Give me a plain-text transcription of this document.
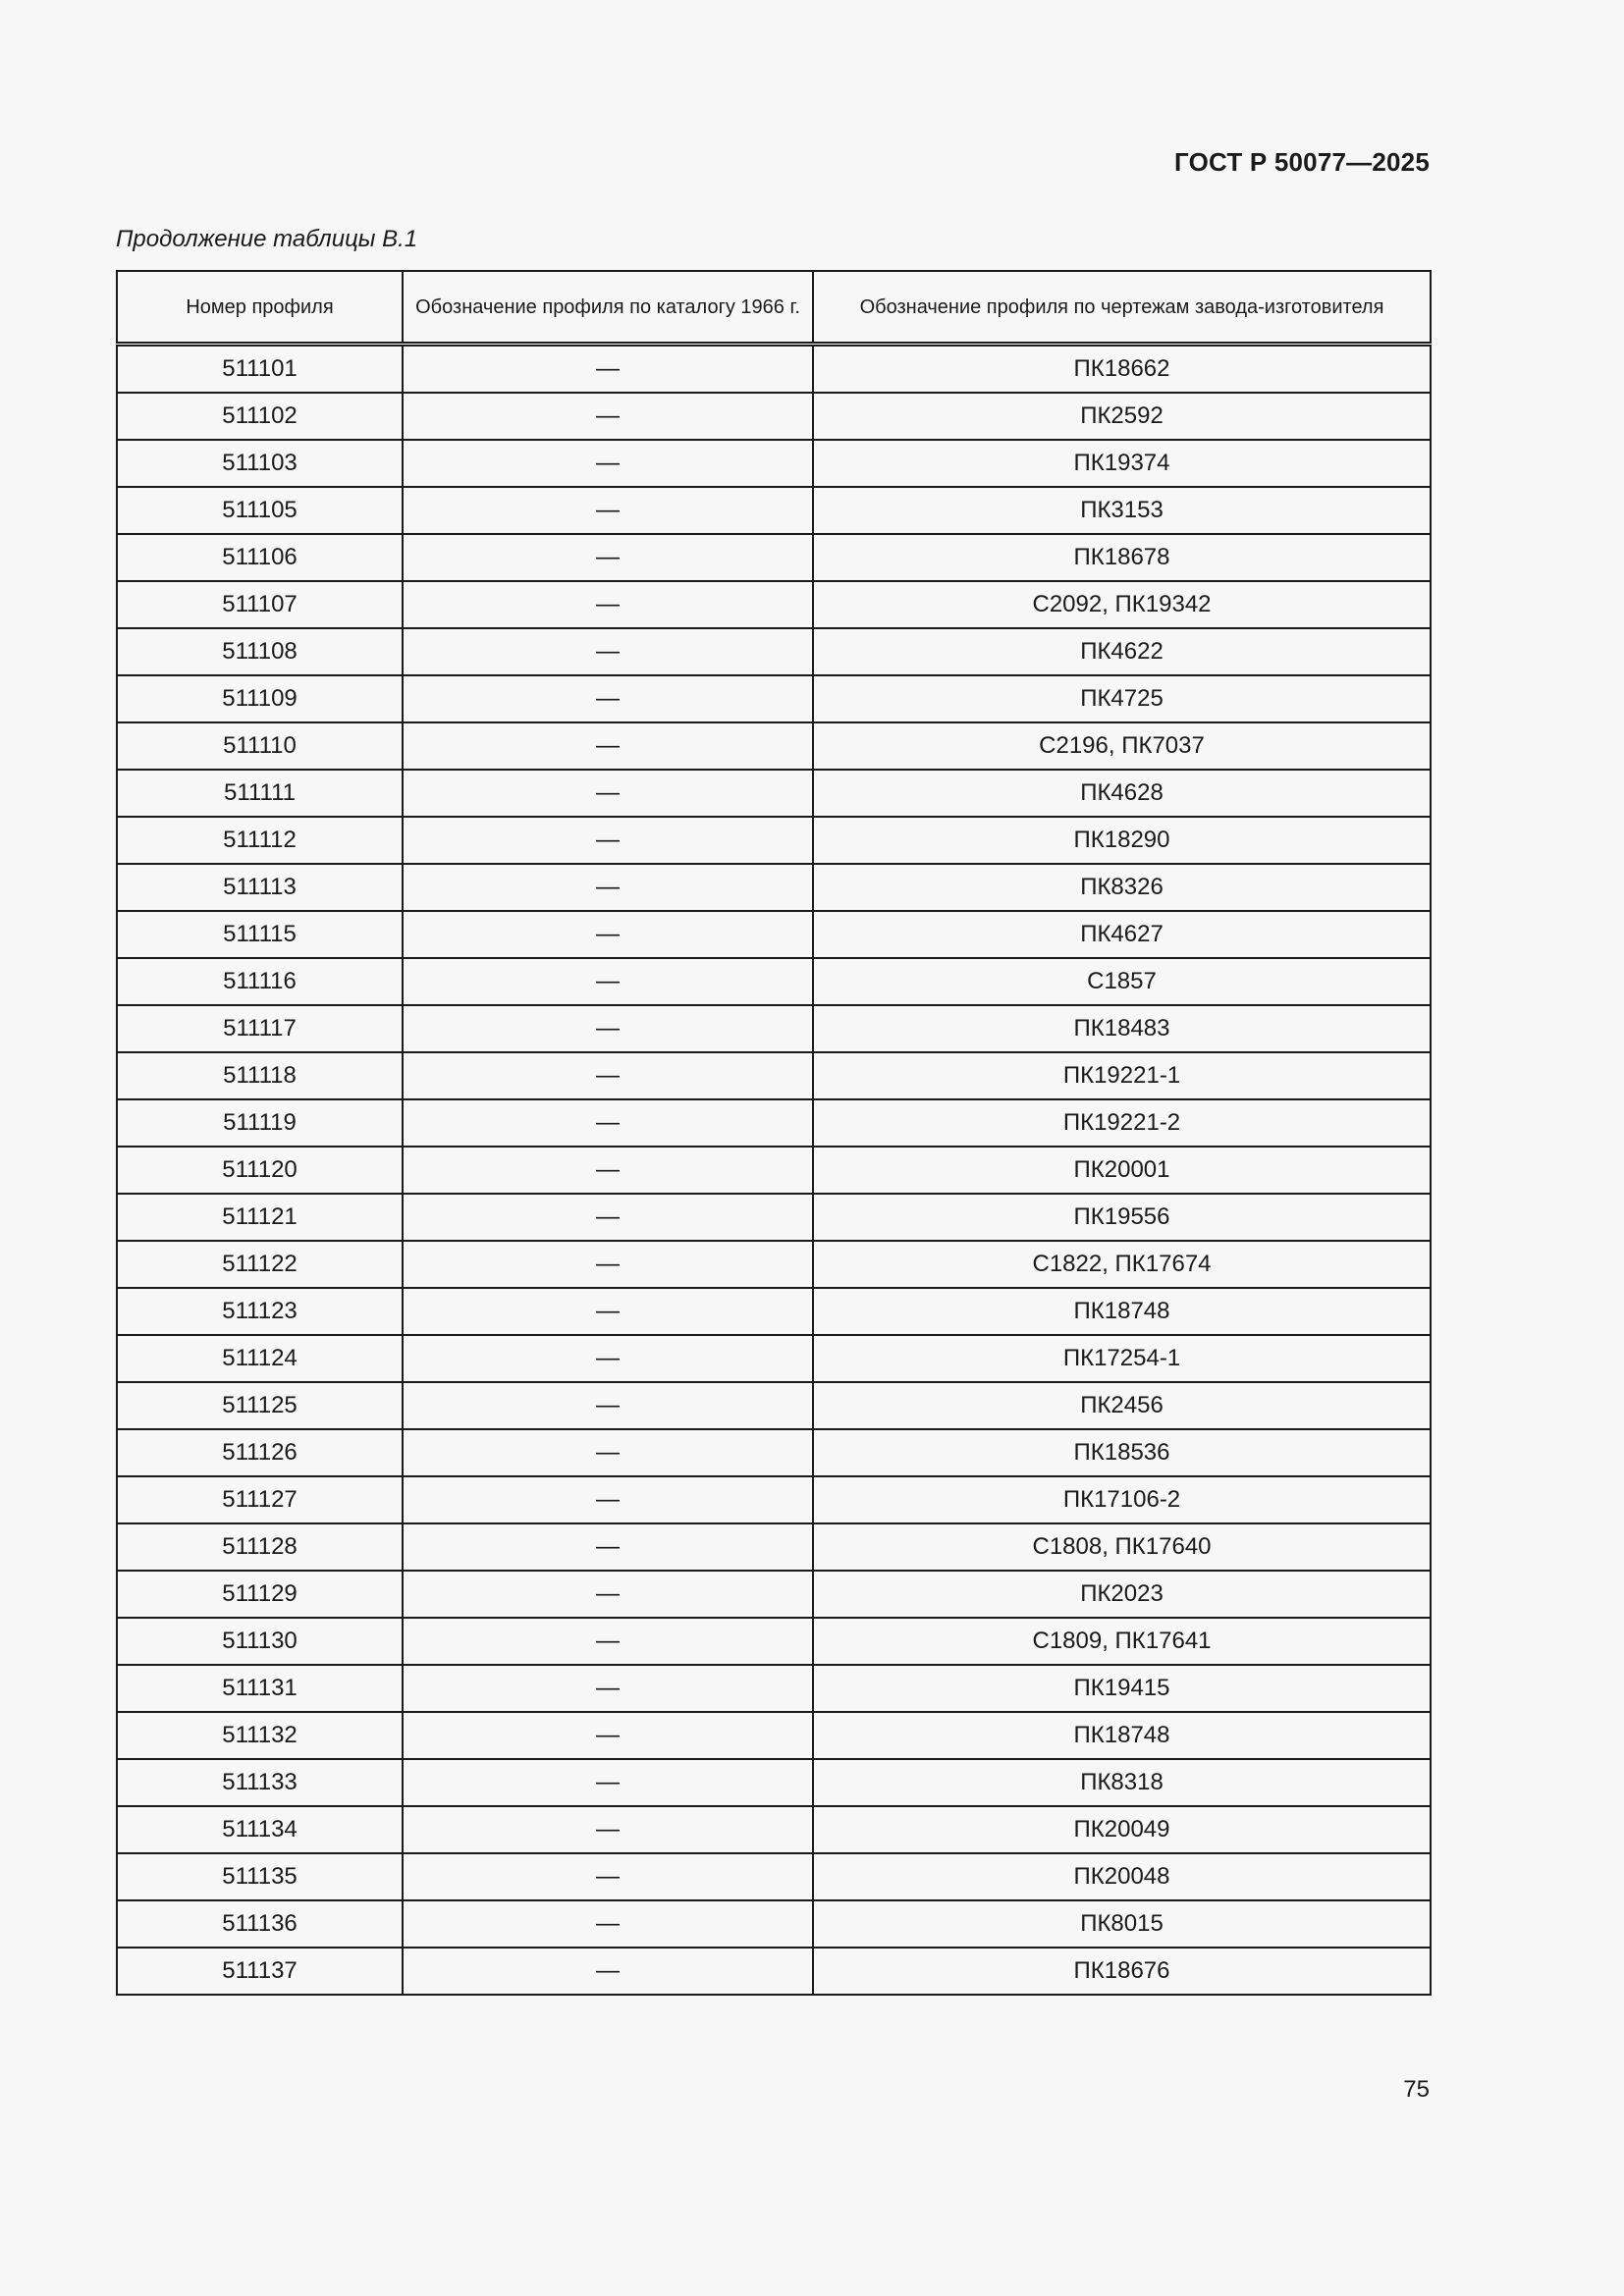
ГОСТ Р 50077—2025
Продолжение таблицы В.1
Номер профиля	Обозначение профиля по каталогу 1966 г.	Обозначение профиля по чертежам завода-изготовителя
511101	—	ПК18662
511102	—	ПК2592
511103	—	ПК19374
511105	—	ПК3153
511106	—	ПК18678
511107	—	С2092, ПК19342
511108	—	ПК4622
511109	—	ПК4725
511110	—	С2196, ПК7037
511111	—	ПК4628
511112	—	ПК18290
511113	—	ПК8326
511115	—	ПК4627
511116	—	С1857
511117	—	ПК18483
511118	—	ПК19221-1
511119	—	ПК19221-2
511120	—	ПК20001
511121	—	ПК19556
511122	—	С1822, ПК17674
511123	—	ПК18748
511124	—	ПК17254-1
511125	—	ПК2456
511126	—	ПК18536
511127	—	ПК17106-2
511128	—	С1808, ПК17640
511129	—	ПК2023
511130	—	С1809, ПК17641
511131	—	ПК19415
511132	—	ПК18748
511133	—	ПК8318
511134	—	ПК20049
511135	—	ПК20048
511136	—	ПК8015
511137	—	ПК18676
75
